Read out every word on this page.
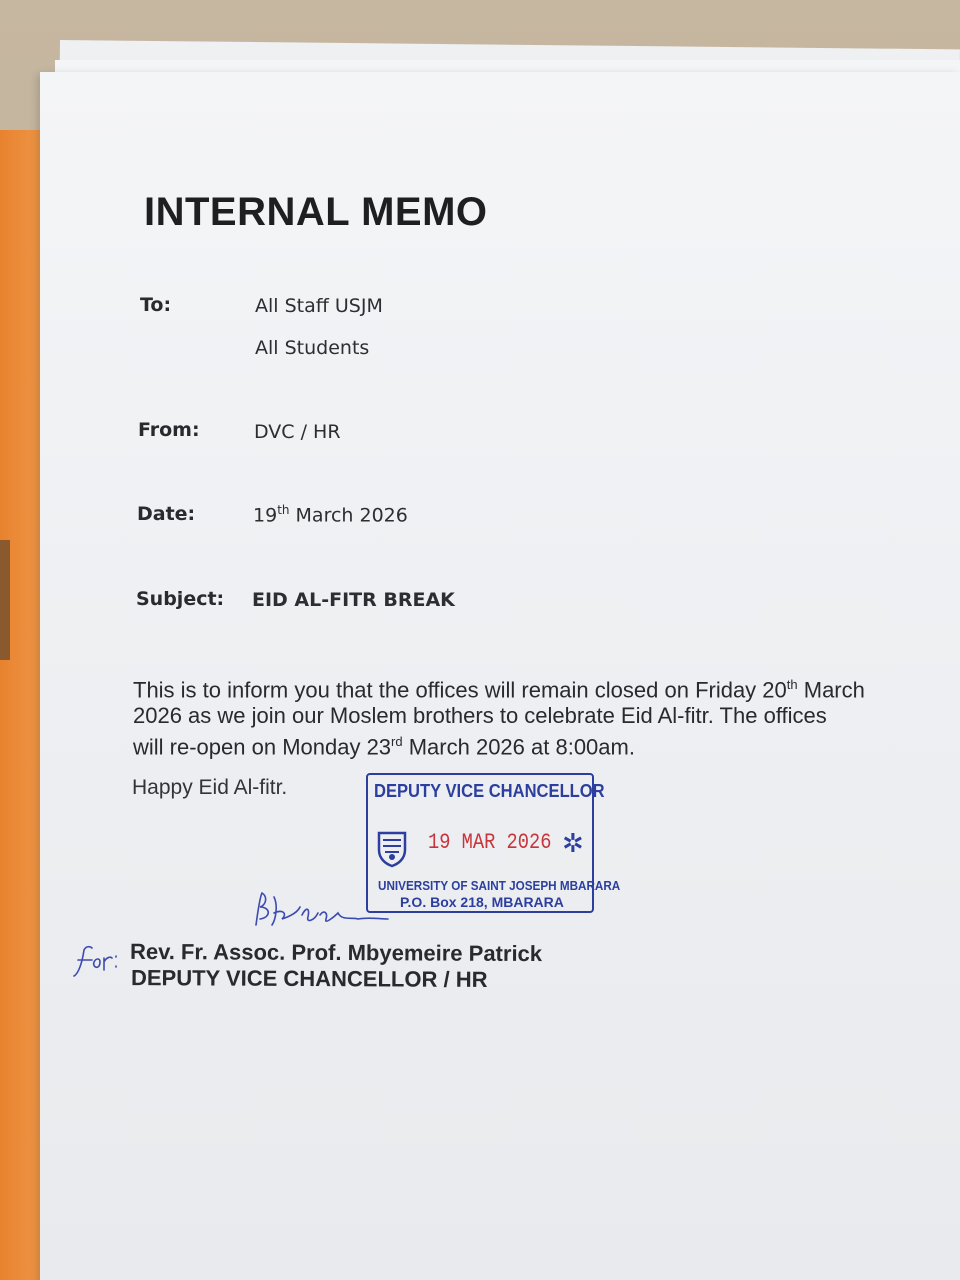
INTERNAL MEMO
To:	All Staff USJM
All Students
From:	DVC / HR
Date:	19th March 2026
Subject: EID AL-FITR BREAK
This is to inform you that the offices will remain closed on Friday 20th March
2026 as we join our Moslem brothers to celebrate Eid Al-fitr. The offices
will re-open on Monday 23rd March 2026 at 8:00am.
Happy Eid Al-fitr.	DEPUTY VICE CHANCELLOR
19 MAR 2026 ✲
UNIVERSITY OF SAINT JOSEPH MBARARA
P.O. Box 218, MBARARA
Rev. Fr. Assoc. Prof. Mbyemeire Patrick
DEPUTY VICE CHANCELLOR / HR
